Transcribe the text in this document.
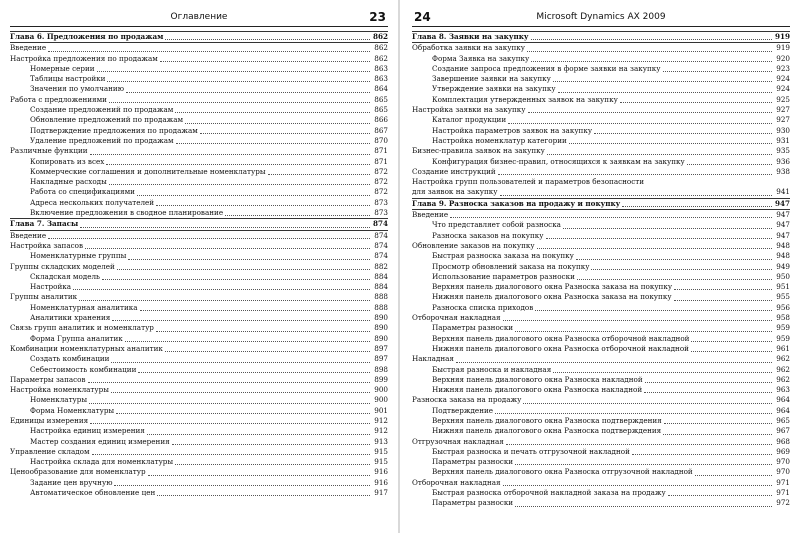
Оглавление	23
Глава 6. Предложения по продажам	862
Введение	862
Настройка предложения по продажам	862
Номерные серии	863
Таблицы настройки	863
Значения по умолчанию	864
Работа с предложениями	865
Создание предложений по продажам	865
Обновление предложений по продажам	866
Подтверждение предложения по продажам	867
Удаление предложений по продажам	870
Различные функции	871
Копировать из всех	871
Коммерческие соглашения и дополнительные номенклатуры	872
Накладные расходы	872
Работа со спецификациями	872
Адреса нескольких получателей	873
Включение предложения в сводное планирование	873
Глава 7. Запасы	874
Введение	874
Настройка запасов	874
Номенклатурные группы	874
Группы складских моделей	882
Складская модель	884
Настройка	884
Группы аналитик	888
Номенклатурная аналитика	888
Аналитики хранения	890
Связь групп аналитик и номенклатур	890
Форма Группа аналитик	890
Комбинации номенклатурных аналитик	897
Создать комбинации	897
Себестоимость комбинации	898
Параметры запасов	899
Настройка номенклатуры	900
Номенклатуры	900
Форма Номенклатуры	901
Единицы измерения	912
Настройка единиц измерения	912
Мастер создания единиц измерения	913
Управление складом	915
Настройка склада для номенклатуры	915
Ценообразование для номенклатур	916
Задание цен вручную	916
Автоматическое обновление цен	917
24	Microsoft Dynamics AX 2009
Глава 8. Заявки на закупку	919
Обработка заявки на закупку	919
Форма Заявка на закупку	920
Создание запроса предложения в форме заявки на закупку	923
Завершение заявки на закупку	924
Утверждение заявки на закупку	924
Комплектация утвержденных заявок на закупку	925
Настройка заявки на закупку	927
Каталог продукции	927
Настройка параметров заявок на закупку	930
Настройка номенклатур категории	931
Бизнес-правила заявок на закупку	935
Конфигурация бизнес-правил, относящихся к заявкам на закупку	936
Создание инструкций	938
Настройка групп пользователей и параметров безопасности
для заявок на закупку	941
Глава 9. Разноска заказов на продажу и покупку	947
Введение	947
Что представляет собой разноска	947
Разноска заказов на покупку	947
Обновление заказов на покупку	948
Быстрая разноска заказа на покупку	948
Просмотр обновлений заказа на покупку	949
Использование параметров разноски	950
Верхняя панель диалогового окна Разноска заказа на покупку	951
Нижняя панель диалогового окна Разноска заказа на покупку	955
Разноска списка приходов	956
Отборочная накладная	958
Параметры разноски	959
Верхняя панель диалогового окна Разноска отборочной накладной	959
Нижняя панель диалогового окна Разноска отборочной накладной	961
Накладная	962
Быстрая разноска и накладная	962
Верхняя панель диалогового окна Разноска накладной	962
Нижняя панель диалогового окна Разноска накладной	963
Разноска заказа на продажу	964
Подтверждение	964
Верхняя панель диалогового окна Разноска подтверждения	965
Нижняя панель диалогового окна Разноска подтверждения	967
Отгрузочная накладная	968
Быстрая разноска и печать отгрузочной накладной	969
Параметры разноски	970
Верхняя панель диалогового окна Разноска отгрузочной накладной	970
Отборочная накладная	971
Быстрая разноска отборочной накладной заказа на продажу	971
Параметры разноски	972
